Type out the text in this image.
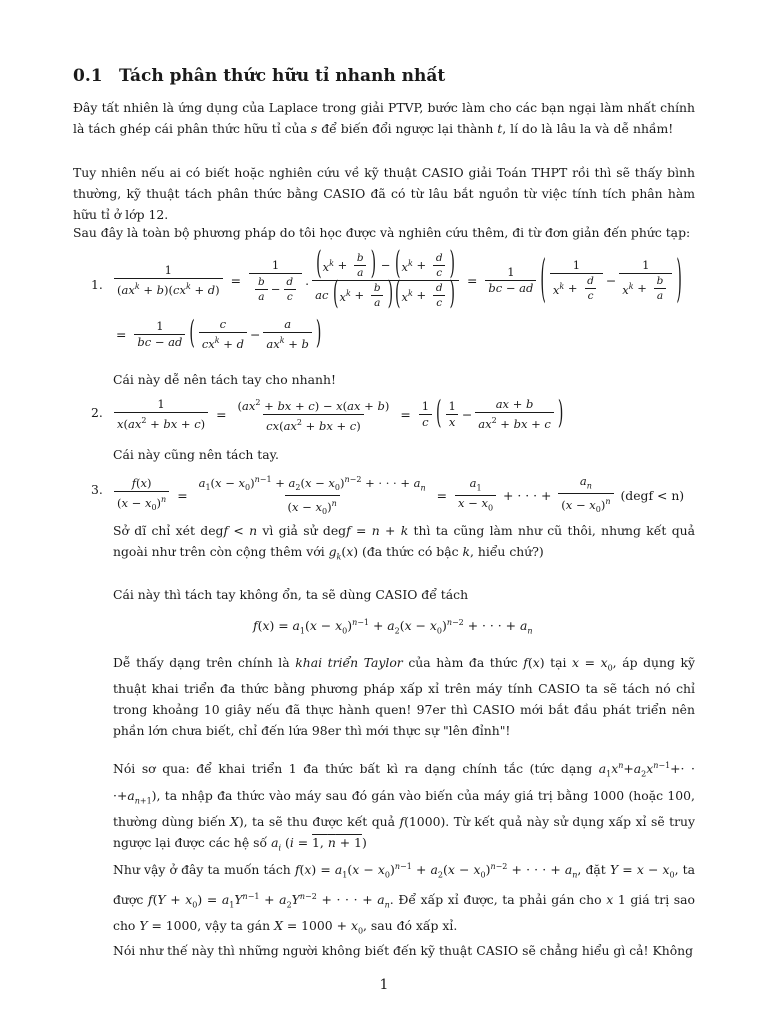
0.1 Tách phân thức hữu tỉ nhanh nhất
Đây tất nhiên là ứng dụng của Laplace trong giải PTVP, bước làm cho các bạn ngại làm nhất chính là tách ghép cái phân thức hữu tỉ của s để biến đổi ngược lại thành t, lí do là lâu la và dễ nhầm!
Tuy nhiên nếu ai có biết hoặc nghiên cứu về kỹ thuật CASIO giải Toán THPT rồi thì sẽ thấy bình thường, kỹ thuật tách phân thức bằng CASIO đã có từ lâu bắt nguồn từ việc tính tích phân hàm hữu tỉ ở lớp 12.
Sau đây là toàn bộ phương pháp do tôi học được và nghiên cứu thêm, đi từ đơn giản đến phức tạp:
1. $\frac{1}{(ax^k + b)(cx^k + d)} = \frac{1}{\frac{b}{a} - \frac{d}{c}}$ . ( $x^k + \frac{b}{a}$ ) − ( $x^k + \frac{d}{c}$ )
ac
( $x^k + \frac{b}{a}$ ) ( $x^k + \frac{d}{c}$ ) = $\frac{1}{bc - ad}$ ( $\frac{1}{x^k + \frac{d}{c}} - \frac{1}{x^k + \frac{b}{a}}$ )
= $\frac{1}{bc - ad}$ ( $\frac{c}{cx^k + d} - \frac{a}{ax^k + b}$ )
Cái này dễ nên tách tay cho nhanh!
2. $\frac{1}{x(ax^2 + bx + c)} = \frac{(ax^2 + bx + c) - x(ax + b)}{cx(ax^2 + bx + c)} = \frac{1}{c}$ ( $\frac{1}{x} - \frac{ax + b}{ax^2 + bx + c}$ )
Cái này cũng nên tách tay.
3. $\frac{f(x)}{(x - x_0)^n} = \frac{a_1(x - x_0)^{n-1} + a_2(x - x_0)^{n-2} + \cdot \cdot \cdot + a_n}{(x - x_0)^n} = \frac{a_1}{x - x_0}$ + · · · + $\frac{a_n}{(x - x_0)^n}$
(degf < n)
Sở dĩ chỉ xét degf < n vì giả sử degf = n + k thì ta cũng làm như cũ thôi, nhưng kết quả ngoài như trên còn cộng thêm với $g_k(x)$ (đa thức có bậc k, hiểu chứ?)
Cái này thì tách tay không ổn, ta sẽ dùng CASIO để tách
$f(x) = a_1(x - x_0)^{n-1} + a_2(x - x_0)^{n-2}$ + · · · + $a_n$
Dễ thấy dạng trên chính là khai triển Taylor của hàm đa thức f(x) tại $x = x_0$, áp dụng kỹ thuật khai triển đa thức bằng phương pháp xấp xỉ trên máy tính CASIO ta sẽ tách nó chỉ trong khoảng 10 giây nếu đã thực hành quen! 97er thì CASIO mới bắt đầu phát triển nên phần lớn chưa biết, chỉ đến lứa 98er thì mới thực sự "lên đỉnh"!
Nói sơ qua: để khai triển 1 đa thức bất kì ra dạng chính tắc (tức dạng $a_1x^n+a_2x^{n-1}+\cdot \cdot \cdot+a_{n+1}$), ta nhập đa thức vào máy sau đó gán vào biến của máy giá trị bằng 1000 (hoặc 100, thường dùng biến X), ta sẽ thu được kết quả f(1000). Từ kết quả này sử dụng xấp xỉ sẽ truy ngược lại được các hệ số $a_i$ (i = 1, n + 1)
Như vậy ở đây ta muốn tách $f(x) = a_1(x - x_0)^{n-1} + a_2(x - x_0)^{n-2}$ + · · · + $a_n$, đặt $Y = x - x_0$, ta được $f(Y + x_0) = a_1Y^{n-1} + a_2Y^{n-2}$ + · · · + $a_n$. Để xấp xỉ được, ta phải gán cho x 1 giá trị sao cho Y = 1000, vậy ta gán $X = 1000 + x_0$, sau đó xấp xỉ.
Nói như thế này thì những người không biết đến kỹ thuật CASIO sẽ chẳng hiểu gì cả! Không
1
